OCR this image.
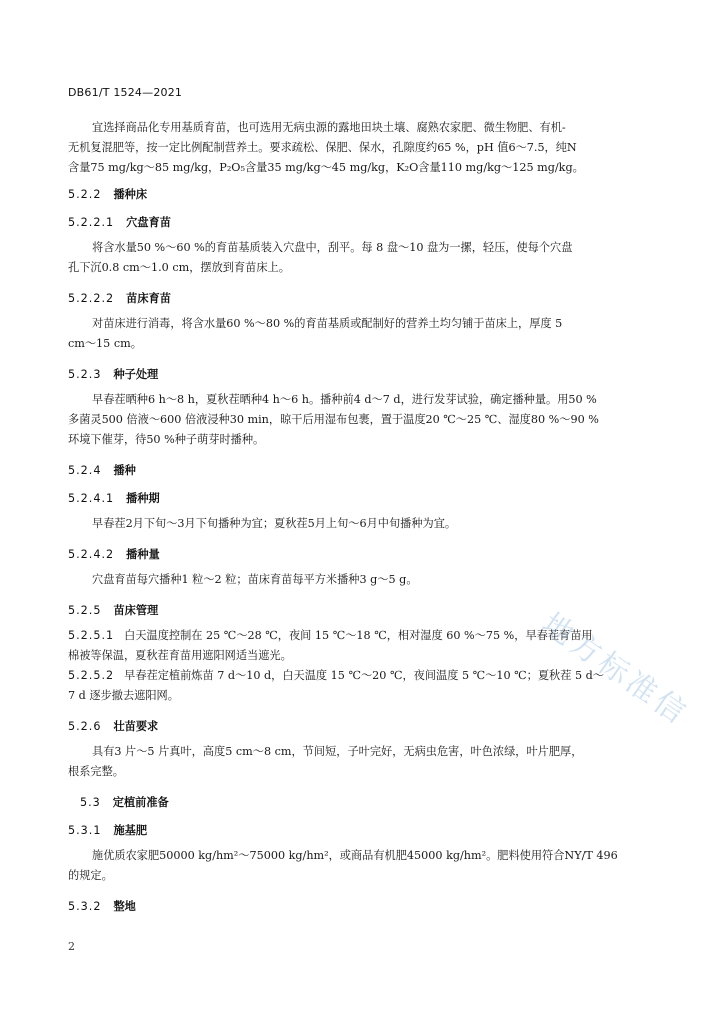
DB61/T 1524—2021
宜选择商品化专用基质育苗，也可选用无病虫源的露地田块土壤、腐熟农家肥、微生物肥、有机-
无机复混肥等，按一定比例配制营养土。要求疏松、保肥、保水，孔隙度约65 %，pH 值6～7.5，纯N
含量75 mg/kg～85 mg/kg，P₂O₅含量35 mg/kg～45 mg/kg，K₂O含量110 mg/kg～125 mg/kg。
5.2.2 播种床
5.2.2.1 穴盘育苗
将含水量50 %～60 %的育苗基质装入穴盘中，刮平。每 8 盘～10 盘为一摞，轻压，使每个穴盘
孔下沉0.8 cm～1.0 cm，摆放到育苗床上。
5.2.2.2 苗床育苗
对苗床进行消毒，将含水量60 %～80 %的育苗基质或配制好的营养土均匀铺于苗床上，厚度 5
cm～15 cm。
5.2.3 种子处理
早春茬晒种6 h～8 h，夏秋茬晒种4 h～6 h。播种前4 d～7 d，进行发芽试验，确定播种量。用50 %
多菌灵500 倍液～600 倍液浸种30 min，晾干后用湿布包裹，置于温度20 ℃～25 ℃、湿度80 %～90 %
环境下催芽，待50 %种子萌芽时播种。
5.2.4 播种
5.2.4.1 播种期
早春茬2月下旬～3月下旬播种为宜；夏秋茬5月上旬～6月中旬播种为宜。
5.2.4.2 播种量
穴盘育苗每穴播种1 粒～2 粒；苗床育苗每平方米播种3 g～5 g。
5.2.5 苗床管理
5.2.5.1 白天温度控制在 25 ℃～28 ℃，夜间 15 ℃～18 ℃，相对湿度 60 %～75 %，早春茬育苗用
棉被等保温，夏秋茬育苗用遮阳网适当遮光。
5.2.5.2 早春茬定植前炼苗 7 d～10 d，白天温度 15 ℃～20 ℃，夜间温度 5 ℃～10 ℃；夏秋茬 5 d～
7 d 逐步撤去遮阳网。
5.2.6 壮苗要求
具有3 片～5 片真叶，高度5 cm～8 cm，节间短，子叶完好，无病虫危害，叶色浓绿，叶片肥厚，
根系完整。
5.3 定植前准备
5.3.1 施基肥
施优质农家肥50000 kg/hm²～75000 kg/hm²，或商品有机肥45000 kg/hm²。肥料使用符合NY/T 496
的规定。
5.3.2 整地
2
地方标准信
